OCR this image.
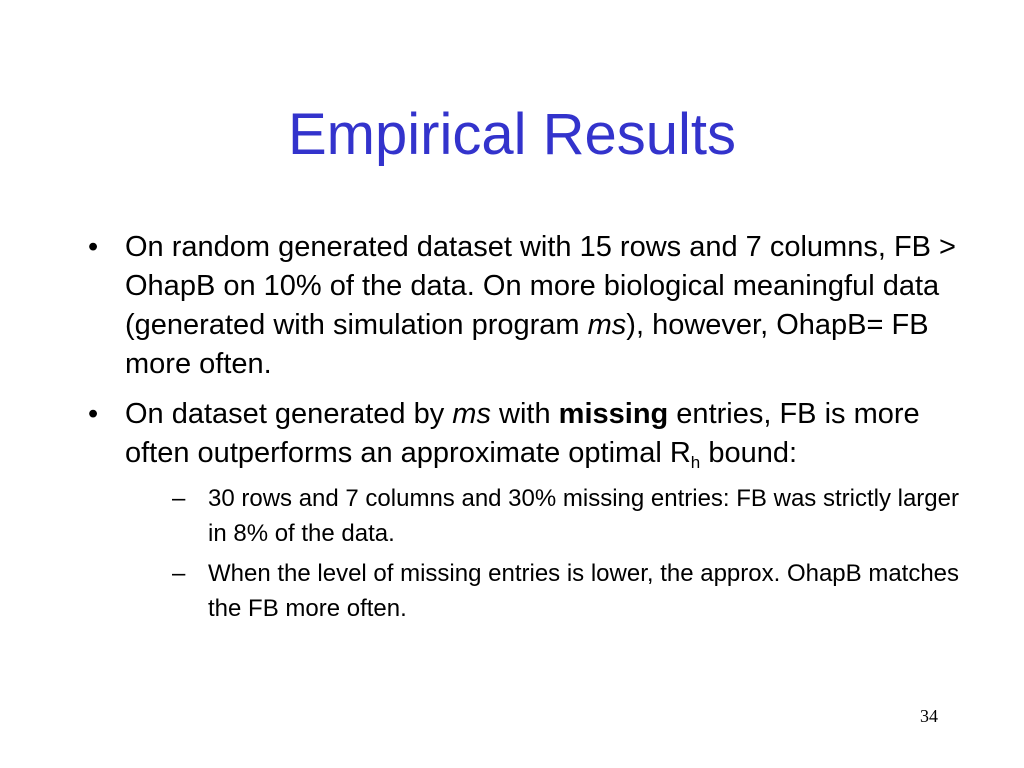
Empirical Results
• On random generated dataset with 15 rows and 7 columns, FB > OhapB on 10% of the data. On more biological meaningful data (generated with simulation program ms), however, OhapB= FB more often.
• On dataset generated by ms with missing entries, FB is more often outperforms an approximate optimal $R_h$ bound:
– 30 rows and 7 columns and 30% missing entries: FB was strictly larger in 8% of the data.
– When the level of missing entries is lower, the approx. OhapB matches the FB more often.
34
